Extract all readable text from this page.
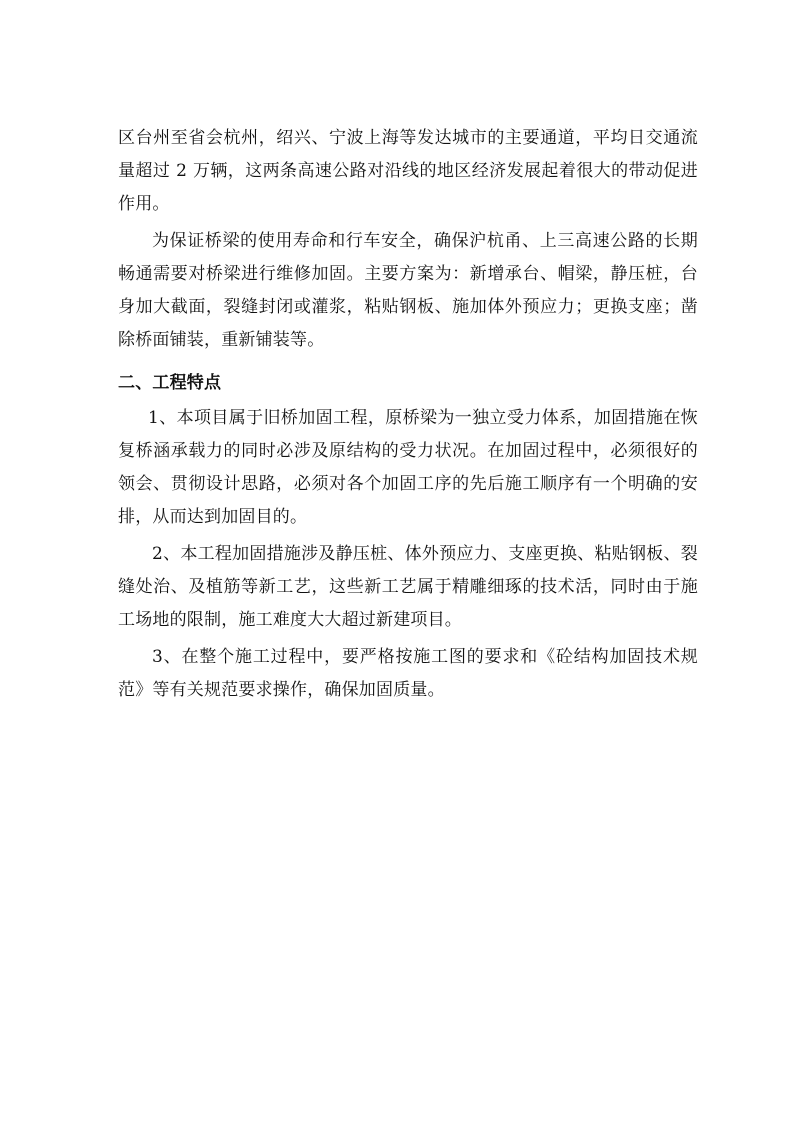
区台州至省会杭州，绍兴、宁波上海等发达城市的主要通道，平均日交通流量超过 2 万辆，这两条高速公路对沿线的地区经济发展起着很大的带动促进作用。

为保证桥梁的使用寿命和行车安全，确保沪杭甬、上三高速公路的长期畅通需要对桥梁进行维修加固。主要方案为：新增承台、帽梁，静压桩，台身加大截面，裂缝封闭或灌浆，粘贴钢板、施加体外预应力；更换支座；凿除桥面铺装，重新铺装等。

二、工程特点

1、本项目属于旧桥加固工程，原桥梁为一独立受力体系，加固措施在恢复桥涵承载力的同时必涉及原结构的受力状况。在加固过程中，必须很好的领会、贯彻设计思路，必须对各个加固工序的先后施工顺序有一个明确的安排，从而达到加固目的。

2、本工程加固措施涉及静压桩、体外预应力、支座更换、粘贴钢板、裂缝处治、及植筋等新工艺，这些新工艺属于精雕细琢的技术活，同时由于施工场地的限制，施工难度大大超过新建项目。

3、在整个施工过程中，要严格按施工图的要求和《砼结构加固技术规范》等有关规范要求操作，确保加固质量。
